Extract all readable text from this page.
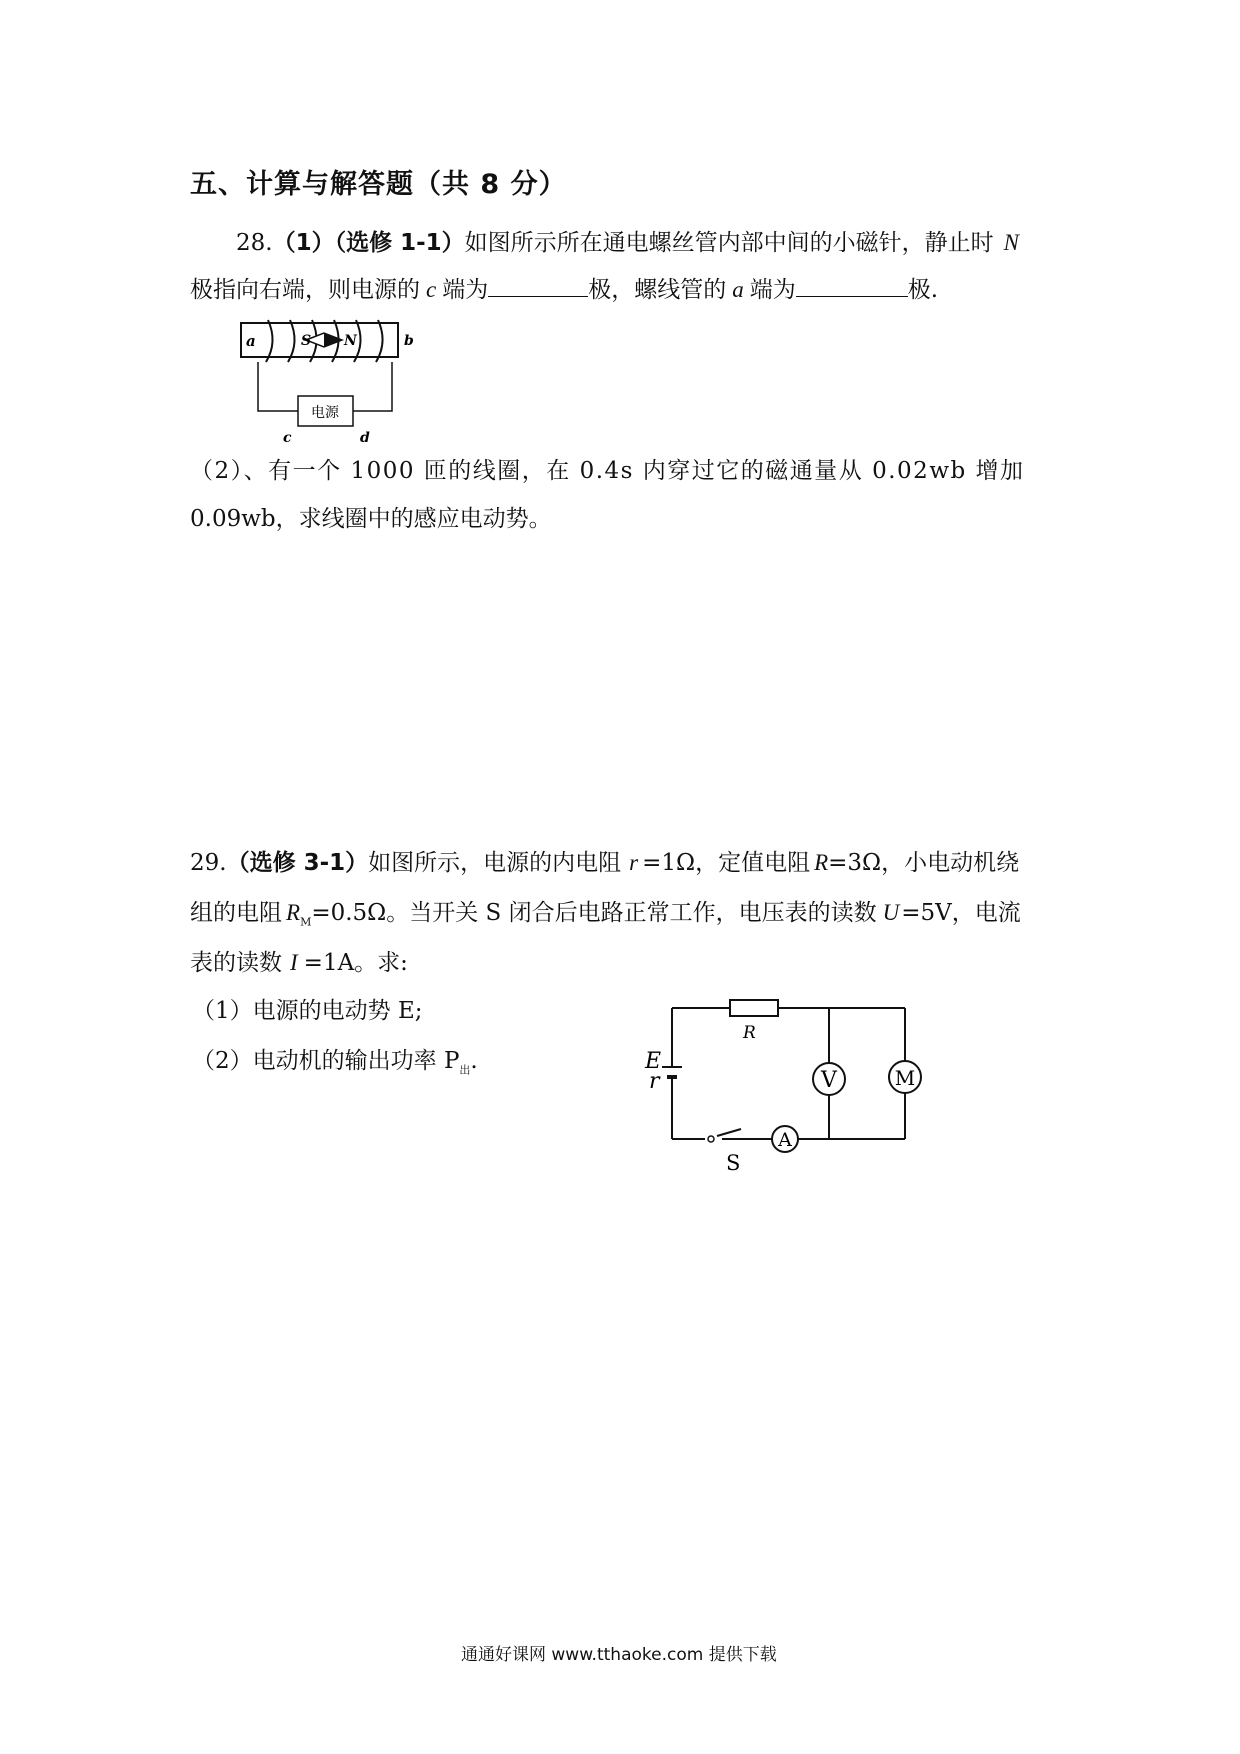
五、计算与解答题（共 8 分）
28.（1）（选修 1-1）如图所示所在通电螺丝管内部中间的小磁针，静止时 N
极指向右端，则电源的 c 端为	极，螺线管的 a 端为	极.
a	S N	b
电源
c	d
（2）、有一个 1000 匝的线圈，在 0.4s 内穿过它的磁通量从 0.02wb 增加
0.09wb，求线圈中的感应电动势。
29.（选修 3-1）如图所示，电源的内电阻 r =1Ω，定值电阻 R=3Ω，小电动机绕
组的电阻 $R_M=0.5\Omega$。当开关 S 闭合后电路正常工作，电压表的读数 U=5V，电流
表的读数 I =1A。求:
（1）电源的电动势 E;
（2）电动机的输出功率 $P_出$.
R
E
r
S
V	M
A
通通好课网 www.tthaoke.com 提供下载
